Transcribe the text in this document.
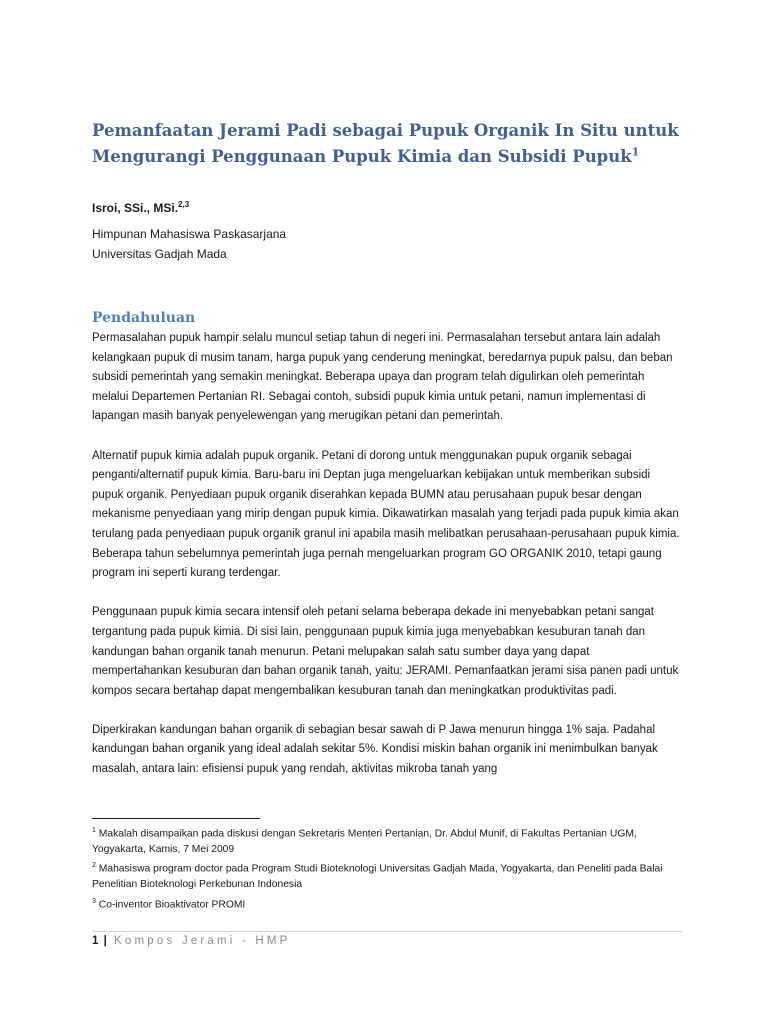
Pemanfaatan Jerami Padi sebagai Pupuk Organik In Situ untuk Mengurangi Penggunaan Pupuk Kimia dan Subsidi Pupuk$^1$

Isroi, SSi., MSi.$^{2,3}$

Himpunan Mahasiswa Paskasarjana
Universitas Gadjah Mada
Pendahuluan

Permasalahan pupuk hampir selalu muncul setiap tahun di negeri ini. Permasalahan tersebut antara lain adalah kelangkaan pupuk di musim tanam, harga pupuk yang cenderung meningkat, beredarnya pupuk palsu, dan beban subsidi pemerintah yang semakin meningkat. Beberapa upaya dan program telah digulirkan oleh pemerintah melalui Departemen Pertanian RI. Sebagai contoh, subsidi pupuk kimia untuk petani, namun implementasi di lapangan masih banyak penyelewengan yang merugikan petani dan pemerintah.

Alternatif pupuk kimia adalah pupuk organik. Petani di dorong untuk menggunakan pupuk organik sebagai penganti/alternatif pupuk kimia. Baru-baru ini Deptan juga mengeluarkan kebijakan untuk memberikan subsidi pupuk organik. Penyediaan pupuk organik diserahkan kepada BUMN atau perusahaan pupuk besar dengan mekanisme penyediaan yang mirip dengan pupuk kimia. Dikawatirkan masalah yang terjadi pada pupuk kimia akan terulang pada penyediaan pupuk organik granul ini apabila masih melibatkan perusahaan-perusahaan pupuk kimia. Beberapa tahun sebelumnya pemerintah juga pernah mengeluarkan program GO ORGANIK 2010, tetapi gaung program ini seperti kurang terdengar.

Penggunaan pupuk kimia secara intensif oleh petani selama beberapa dekade ini menyebabkan petani sangat tergantung pada pupuk kimia. Di sisi lain, penggunaan pupuk kimia juga menyebabkan kesuburan tanah dan kandungan bahan organik tanah menurun. Petani melupakan salah satu sumber daya yang dapat mempertahankan kesuburan dan bahan organik tanah, yaitu: JERAMI. Pemanfaatkan jerami sisa panen padi untuk kompos secara bertahap dapat mengembalikan kesuburan tanah dan meningkatkan produktivitas padi.

Diperkirakan kandungan bahan organik di sebagian besar sawah di P Jawa menurun hingga 1% saja. Padahal kandungan bahan organik yang ideal adalah sekitar 5%. Kondisi miskin bahan organik ini menimbulkan banyak masalah, antara lain: efisiensi pupuk yang rendah, aktivitas mikroba tanah yang

$^1$ Makalah disampaikan pada diskusi dengan Sekretaris Menteri Pertanian, Dr. Abdul Munif, di Fakultas Pertanian UGM, Yogyakarta, Kamis, 7 Mei 2009
$^2$ Mahasiswa program doctor pada Program Studi Bioteknologi Universitas Gadjah Mada, Yogyakarta, dan Peneliti pada Balai Penelitian Bioteknologi Perkebunan Indonesia
$^3$ Co-inventor Bioaktivator PROMI
1 | Kompos Jerami - HMP
